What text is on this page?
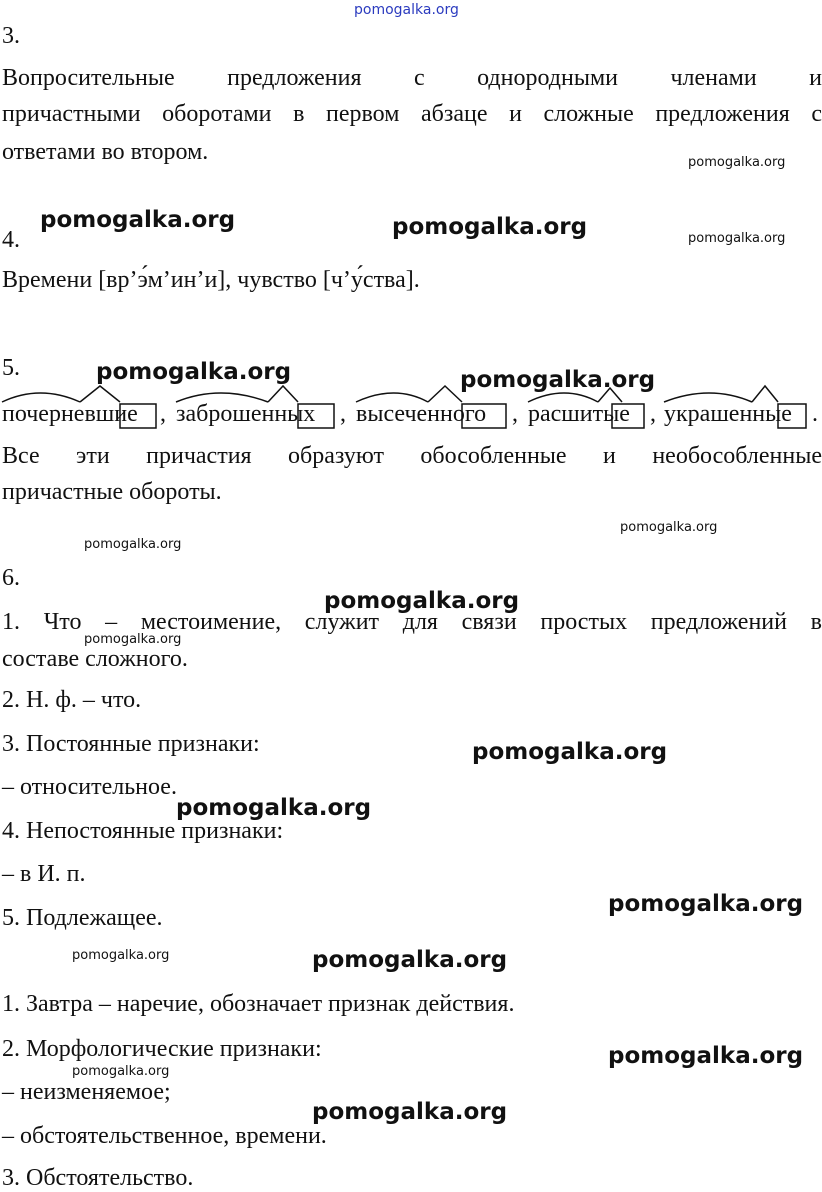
pomogalka.org
3.
Вопросительные предложения с однородными членами и
причастными оборотами в первом абзаце и сложные предложения с
ответами во втором.
4.
Времени [вр’э́м’ин’и], чувство [ч’у́ства].
5.
почерневшие , заброшенных , высеченного , расшитые , украшенные .
Все эти причастия образуют обособленные и необособленные
причастные обороты.
6.
1. Что – местоимение, служит для связи простых предложений в
составе сложного.
2. Н. ф. – что.
3. Постоянные признаки:
– относительное.
4. Непостоянные признаки:
– в И. п.
5. Подлежащее.
1. Завтра – наречие, обозначает признак действия.
2. Морфологические признаки:
– неизменяемое;
– обстоятельственное, времени.
3. Обстоятельство.
pomogalka.org
pomogalka.org	pomogalka.org	pomogalka.org
pomogalka.org	pomogalka.org
pomogalka.org
pomogalka.org
pomogalka.org
pomogalka.org
pomogalka.org
pomogalka.org
pomogalka.org
pomogalka.org	pomogalka.org
pomogalka.org
pomogalka.org
pomogalka.org
